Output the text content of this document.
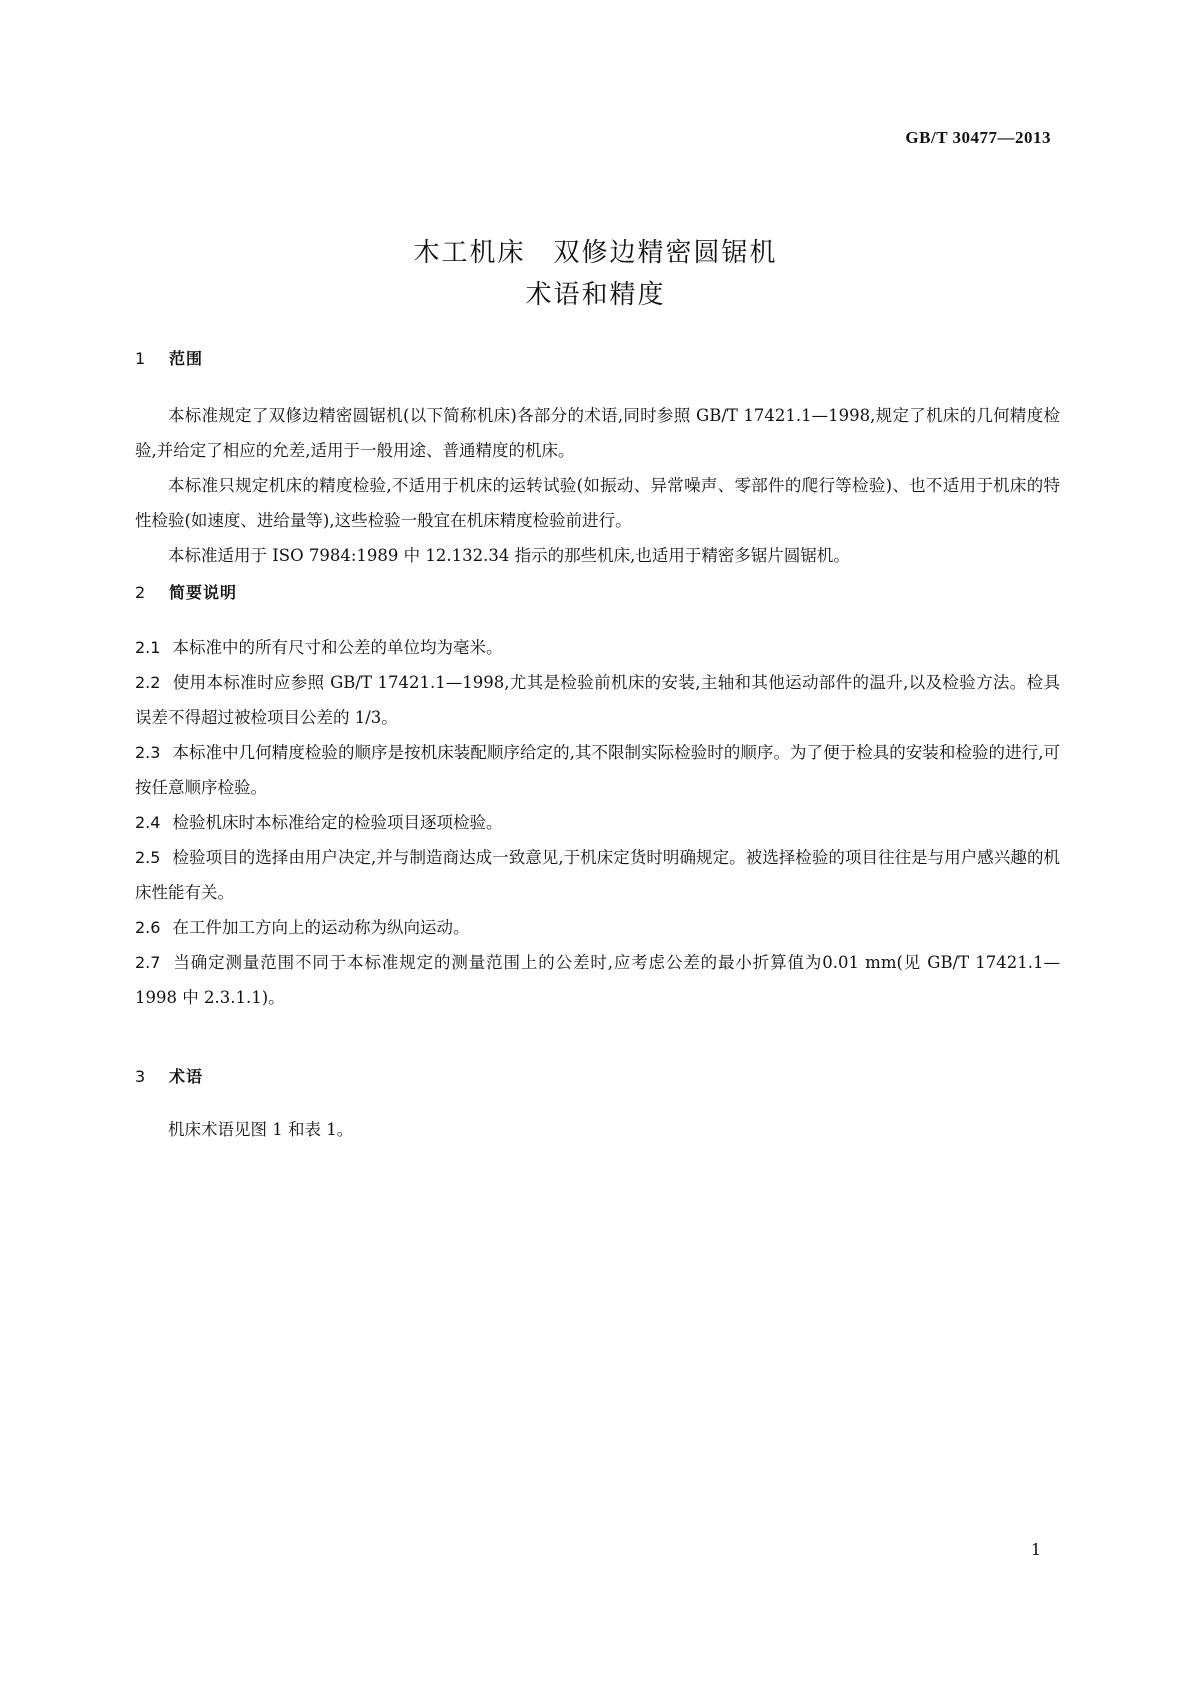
GB/T 30477—2013
木工机床　双修边精密圆锯机
术语和精度
1 范围
本标准规定了双修边精密圆锯机(以下简称机床)各部分的术语,同时参照 GB/T 17421.1—1998,规定了机床的几何精度检验,并给定了相应的允差,适用于一般用途、普通精度的机床。
本标准只规定机床的精度检验,不适用于机床的运转试验(如振动、异常噪声、零部件的爬行等检验)、也不适用于机床的特性检验(如速度、进给量等),这些检验一般宜在机床精度检验前进行。
本标准适用于 ISO 7984:1989 中 12.132.34 指示的那些机床,也适用于精密多锯片圆锯机。
2 简要说明
2.1 本标准中的所有尺寸和公差的单位均为毫米。
2.2 使用本标准时应参照 GB/T 17421.1—1998,尤其是检验前机床的安装,主轴和其他运动部件的温升,以及检验方法。检具误差不得超过被检项目公差的 1/3。
2.3 本标准中几何精度检验的顺序是按机床装配顺序给定的,其不限制实际检验时的顺序。为了便于检具的安装和检验的进行,可按任意顺序检验。
2.4 检验机床时本标准给定的检验项目逐项检验。
2.5 检验项目的选择由用户决定,并与制造商达成一致意见,于机床定货时明确规定。被选择检验的项目往往是与用户感兴趣的机床性能有关。
2.6 在工件加工方向上的运动称为纵向运动。
2.7 当确定测量范围不同于本标准规定的测量范围上的公差时,应考虑公差的最小折算值为0.01 mm(见 GB/T 17421.1—1998 中 2.3.1.1)。
3 术语
机床术语见图 1 和表 1。
1
